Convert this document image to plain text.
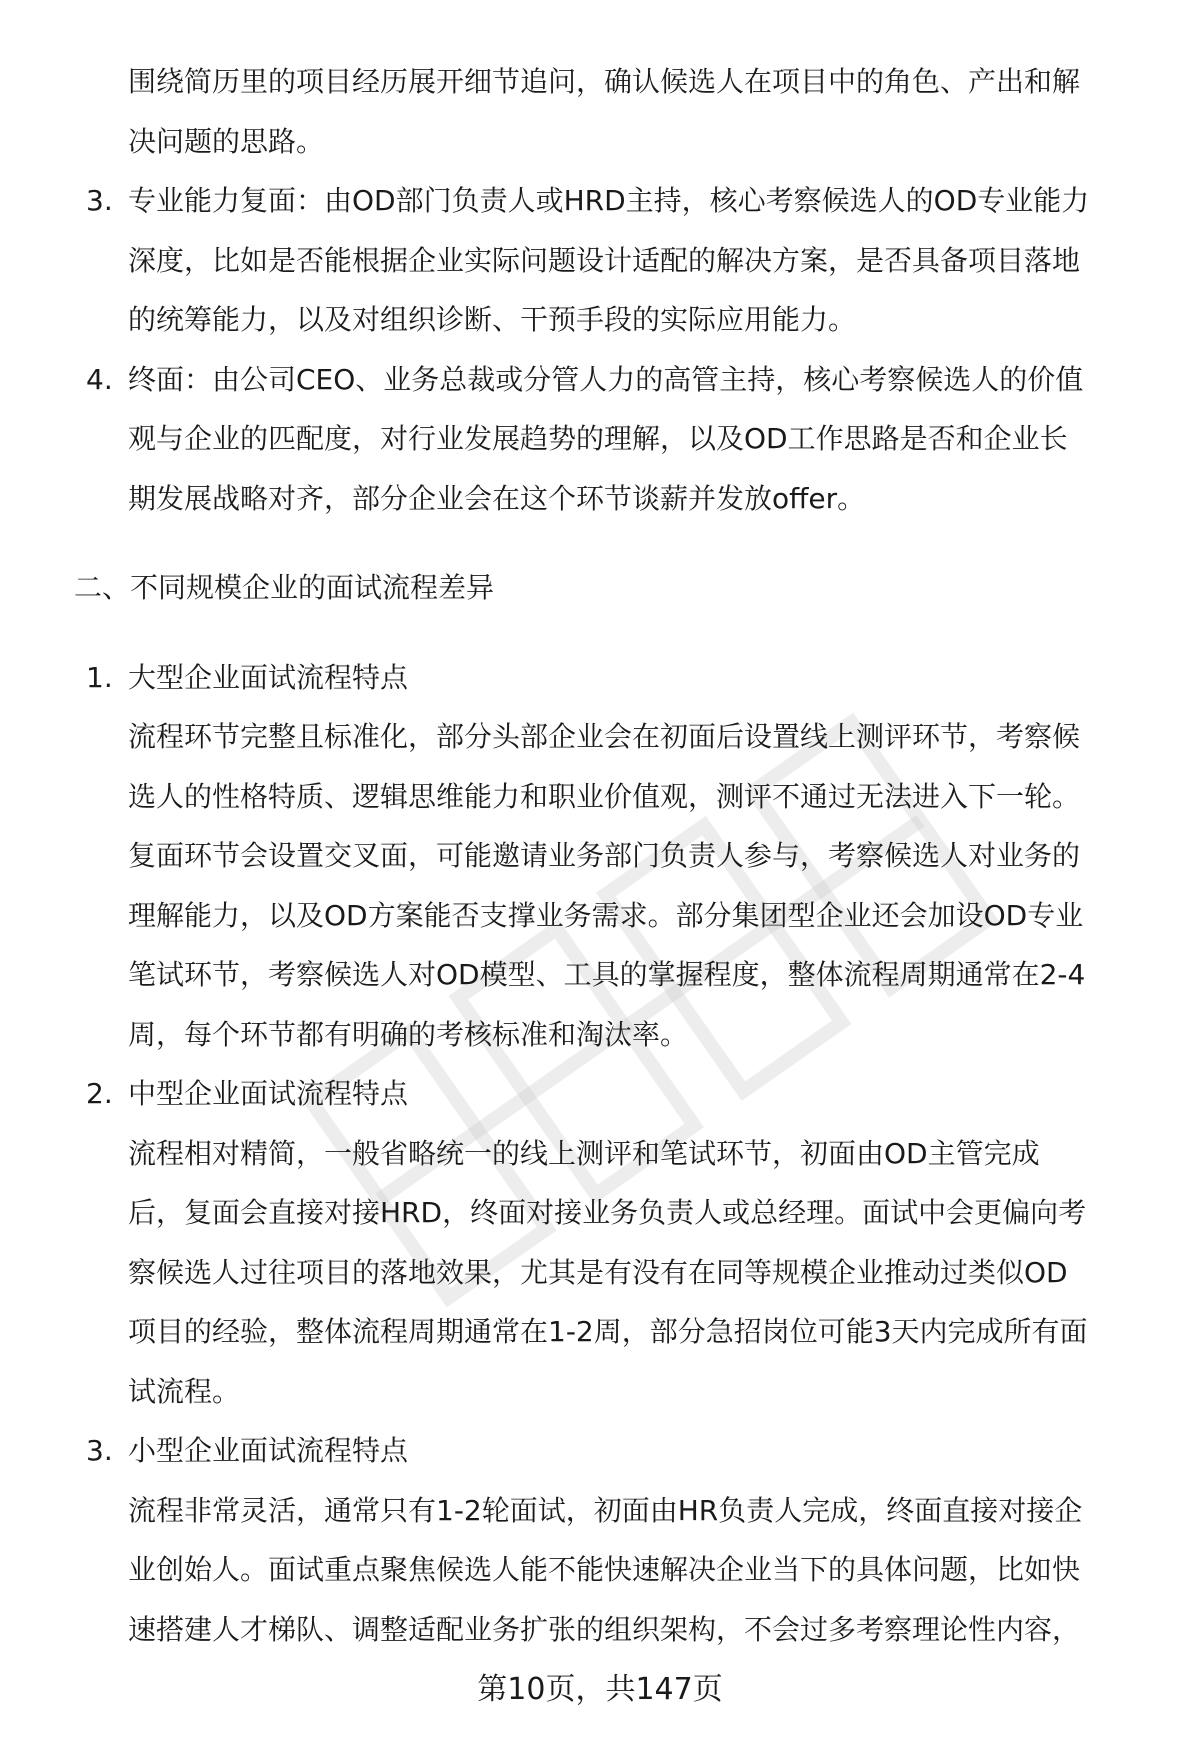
围绕简历里的项目经历展开细节追问，确认候选人在项目中的角色、产出和解
决问题的思路。
3. 专业能力复面：由OD部门负责人或HRD主持，核心考察候选人的OD专业能力
深度，比如是否能根据企业实际问题设计适配的解决方案，是否具备项目落地
的统筹能力，以及对组织诊断、干预手段的实际应用能力。
4. 终面：由公司CEO、业务总裁或分管人力的高管主持，核心考察候选人的价值
观与企业的匹配度，对行业发展趋势的理解，以及OD工作思路是否和企业长
期发展战略对齐，部分企业会在这个环节谈薪并发放offer。
二、不同规模企业的面试流程差异
1. 大型企业面试流程特点
流程环节完整且标准化，部分头部企业会在初面后设置线上测评环节，考察候
选人的性格特质、逻辑思维能力和职业价值观，测评不通过无法进入下一轮。
复面环节会设置交叉面，可能邀请业务部门负责人参与，考察候选人对业务的
理解能力，以及OD方案能否支撑业务需求。部分集团型企业还会加设OD专业
笔试环节，考察候选人对OD模型、工具的掌握程度，整体流程周期通常在2-4
周，每个环节都有明确的考核标准和淘汰率。
2. 中型企业面试流程特点
流程相对精简，一般省略统一的线上测评和笔试环节，初面由OD主管完成
后，复面会直接对接HRD，终面对接业务负责人或总经理。面试中会更偏向考
察候选人过往项目的落地效果，尤其是有没有在同等规模企业推动过类似OD
项目的经验，整体流程周期通常在1-2周，部分急招岗位可能3天内完成所有面
试流程。
3. 小型企业面试流程特点
流程非常灵活，通常只有1-2轮面试，初面由HR负责人完成，终面直接对接企
业创始人。面试重点聚焦候选人能不能快速解决企业当下的具体问题，比如快
速搭建人才梯队、调整适配业务扩张的组织架构，不会过多考察理论性内容，
第10页，共147页
